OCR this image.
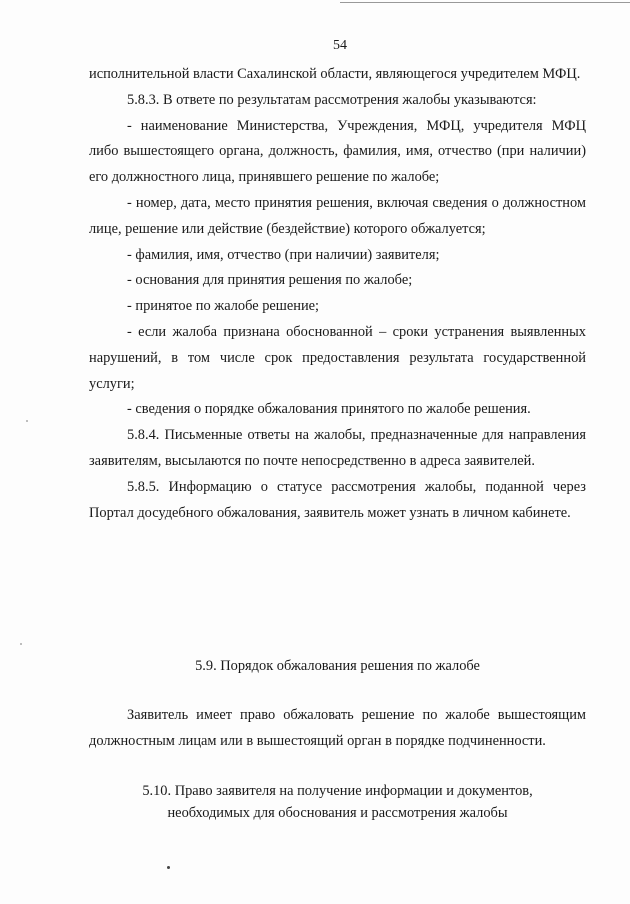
54

исполнительной власти Сахалинской области, являющегося учредителем МФЦ.

5.8.3. В ответе по результатам рассмотрения жалобы указываются:

- наименование Министерства, Учреждения, МФЦ, учредителя МФЦ либо вышестоящего органа, должность, фамилия, имя, отчество (при наличии) его должностного лица, принявшего решение по жалобе;

- номер, дата, место принятия решения, включая сведения о должностном лице, решение или действие (бездействие) которого обжалуется;

- фамилия, имя, отчество (при наличии) заявителя;

- основания для принятия решения по жалобе;

- принятое по жалобе решение;

- если жалоба признана обоснованной – сроки устранения выявленных нарушений, в том числе срок предоставления результата государственной услуги;

- сведения о порядке обжалования принятого по жалобе решения.

5.8.4. Письменные ответы на жалобы, предназначенные для направления заявителям, высылаются по почте непосредственно в адреса заявителей.

5.8.5. Информацию о статусе рассмотрения жалобы, поданной через Портал досудебного обжалования, заявитель может узнать в личном кабинете.

5.9. Порядок обжалования решения по жалобе

Заявитель имеет право обжаловать решение по жалобе вышестоящим должностным лицам или в вышестоящий орган в порядке подчиненности.

5.10. Право заявителя на получение информации и документов,
необходимых для обоснования и рассмотрения жалобы
